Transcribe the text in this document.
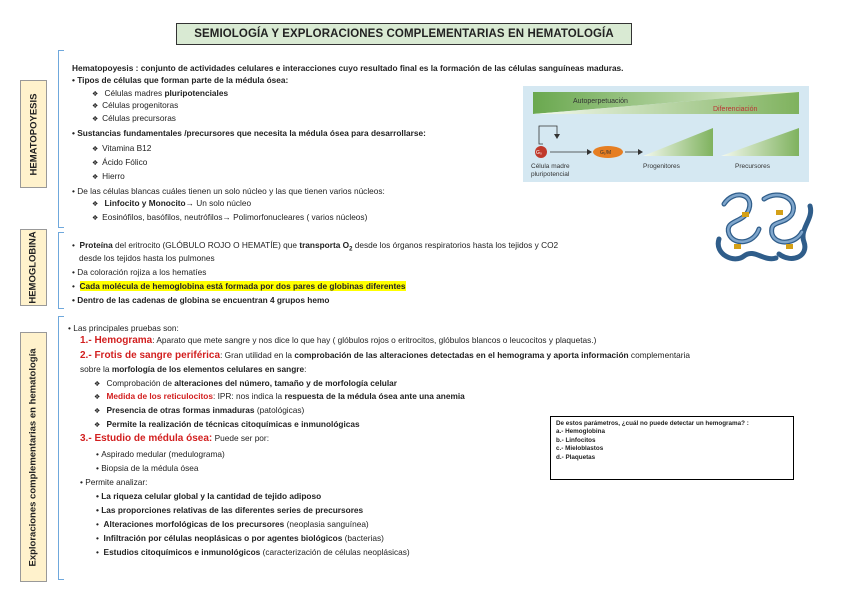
SEMIOLOGÍA Y EXPLORACIONES COMPLEMENTARIAS EN HEMATOLOGÍA
HEMATOPOYESIS
HEMOGLOBINA
Exploraciones complementarias en hematología
Hematopoyesis : conjunto de actividades celulares e interacciones cuyo resultado final es la formación de las células sanguíneas maduras.
• Tipos de células que forman parte de la médula ósea:
❖  Células madres pluripotenciales
❖  Células progenitoras
❖  Células precursoras
• Sustancias fundamentales /precursores que necesita la médula ósea para desarrollarse:
❖  Vitamina B12
❖  Ácido Fólico
❖  Hierro
• De las células blancas cuáles tienen un solo núcleo y las que tienen varios núcleos:
❖  Linfocito y Monocito→ Un solo núcleo
❖  Eosinófilos, basófilos, neutrófilos→ Polimorfonucleares ( varios núcleos)
Autoperpetuación
Diferenciación
G₀	G₁/M
Célula madre
pluripotencial
Progenitores	Precursores
• Proteína del eritrocito (GLÓBULO ROJO O HEMATÍE) que transporta $O_2$ desde los órganos respiratorios hasta los tejidos y CO2
desde los tejidos hasta los pulmones
• Da coloración rojiza a los hematíes
• Cada molécula de hemoglobina está formada por dos pares de globinas diferentes
• Dentro de las cadenas de globina se encuentran 4 grupos hemo
• Las principales pruebas son:
1.- Hemograma: Aparato que mete sangre y nos dice lo que hay ( glóbulos rojos o eritrocitos, glóbulos blancos o leucocitos y plaquetas.)
2.- Frotis de sangre periférica: Gran utilidad en la comprobación de las alteraciones detectadas en el hemograma y aporta información complementaria
sobre la morfología de los elementos celulares en sangre:
❖  Comprobación de alteraciones del número, tamaño y de morfología celular
❖  Medida de los reticulocitos: IPR: nos indica la respuesta de la médula ósea ante una anemia
❖  Presencia de otras formas inmaduras (patológicas)
❖  Permite la realización de técnicas citoquímicas e inmunológicas
3.- Estudio de médula ósea: Puede ser por:
• Aspirado medular (medulograma)
• Biopsia de la médula ósea
• Permite analizar:
• La riqueza celular global y la cantidad de tejido adiposo
• Las proporciones relativas de las diferentes series de precursores
• Alteraciones morfológicas de los precursores (neoplasia sanguínea)
• Infiltración por células neoplásicas o por agentes biológicos (bacterias)
• Estudios citoquímicos e inmunológicos (caracterización de células neoplásicas)
De estos parámetros, ¿cuál no puede detectar un hemograma? :
a.- Hemoglobina
b.- Linfocitos
c.- Mieloblastos
d.- Plaquetas
